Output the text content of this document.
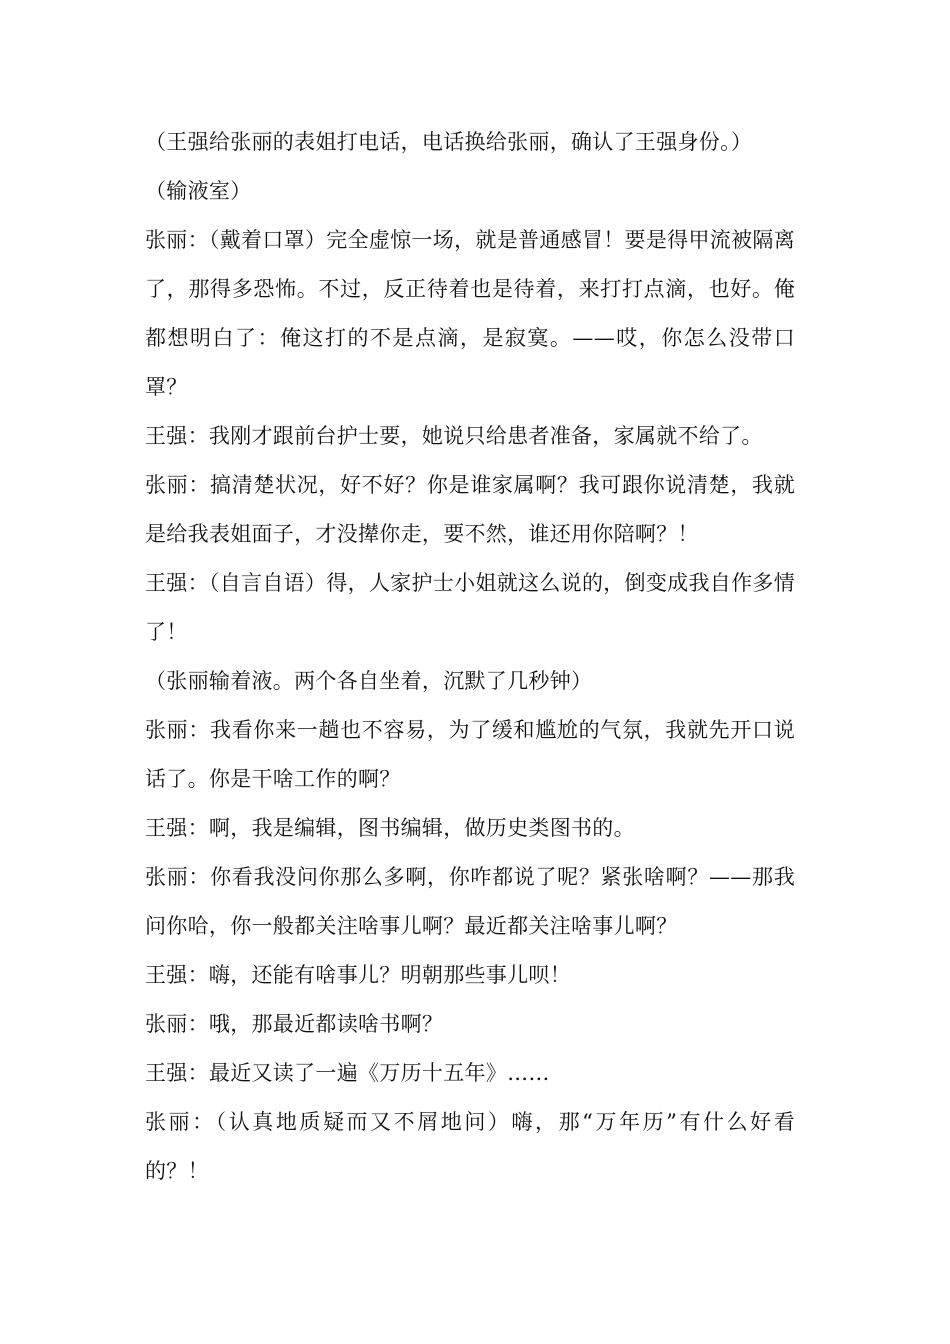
（王强给张丽的表姐打电话，电话换给张丽，确认了王强身份。）

（输液室）

张丽：（戴着口罩）完全虚惊一场，就是普通感冒！要是得甲流被隔离了，那得多恐怖。不过，反正待着也是待着，来打打点滴，也好。俺都想明白了：俺这打的不是点滴，是寂寞。——哎，你怎么没带口罩？

王强：我刚才跟前台护士要，她说只给患者准备，家属就不给了。

张丽：搞清楚状况，好不好？你是谁家属啊？我可跟你说清楚，我就是给我表姐面子，才没撵你走，要不然，谁还用你陪啊？！

王强：（自言自语）得，人家护士小姐就这么说的，倒变成我自作多情了！

（张丽输着液。两个各自坐着，沉默了几秒钟）

张丽：我看你来一趟也不容易，为了缓和尴尬的气氛，我就先开口说话了。你是干啥工作的啊？

王强：啊，我是编辑，图书编辑，做历史类图书的。

张丽：你看我没问你那么多啊，你咋都说了呢？紧张啥啊？——那我问你哈，你一般都关注啥事儿啊？最近都关注啥事儿啊？

王强：嗨，还能有啥事儿？明朝那些事儿呗！

张丽：哦，那最近都读啥书啊？

王强：最近又读了一遍《万历十五年》……

张丽：（认真地质疑而又不屑地问）嗨，那“万年历”有什么好看的？！
